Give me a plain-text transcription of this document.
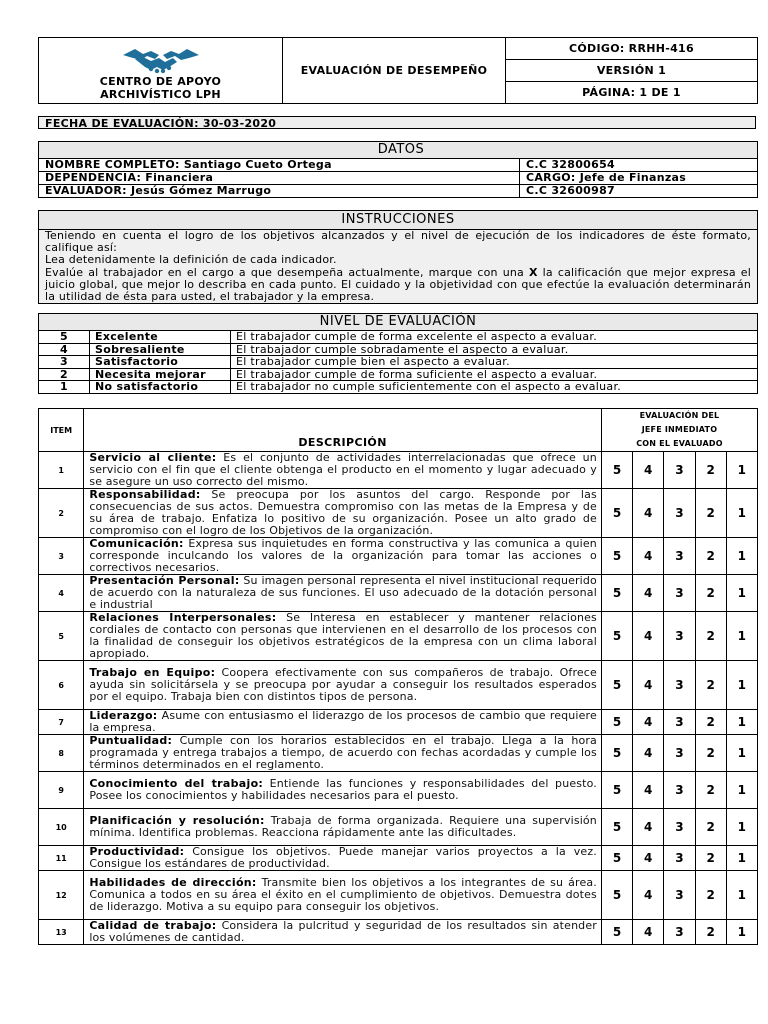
CENTRO DE APOYO
ARCHIVÍSTICO LPH
	EVALUACIÓN DE DESEMPEÑO	CÓDIGO: RRHH-416
VERSIÓN 1
PÁGINA: 1 DE 1
FECHA DE EVALUACIÓN: 30-03-2020
DATOS	
NOMBRE COMPLETO: Santiago Cueto Ortega	C.C 32800654
DEPENDENCIA: Financiera	CARGO: Jefe de Finanzas
EVALUADOR: Jesús Gómez Marrugo	C.C 32600987
INSTRUCCIONES

Teniendo en cuenta el logro de los objetivos alcanzados y el nivel de ejecución de los indicadores de éste formato, califique así:

Lea detenidamente la definición de cada indicador.

Evalúe al trabajador en el cargo a que desempeña actualmente, marque con una X la calificación que mejor expresa el juicio global, que mejor lo describa en cada punto. El cuidado y la objetividad con que efectúe la evaluación determinarán la utilidad de ésta para usted, el trabajador y la empresa.

NIVEL DE EVALUACIÓN		
5	Excelente	El trabajador cumple de forma excelente el aspecto a evaluar.
4	Sobresaliente	El trabajador cumple sobradamente el aspecto a evaluar.
3	Satisfactorio	El trabajador cumple bien el aspecto a evaluar.
2	Necesita mejorar	El trabajador cumple de forma suficiente el aspecto a evaluar.
1	No satisfactorio	El trabajador no cumple suficientemente con el aspecto a evaluar.
ITEM	DESCRIPCIÓN	EVALUACIÓN DEL
JEFE INMEDIATO
CON EL EVALUADO				

1	Servicio al cliente: Es el conjunto de actividades interrelacionadas que ofrece un servicio con el fin que el cliente obtenga el producto en el momento y lugar adecuado y se asegure un uso correcto del mismo.	5	4	3	2	1
2	Responsabilidad: Se preocupa por los asuntos del cargo. Responde por las consecuencias de sus actos. Demuestra compromiso con las metas de la Empresa y de su área de trabajo. Enfatiza lo positivo de su organización. Posee un alto grado de compromiso con el logro de los Objetivos de la organización.	5	4	3	2	1
3	Comunicación: Expresa sus inquietudes en forma constructiva y las comunica a quien corresponde inculcando los valores de la organización para tomar las acciones o correctivos necesarios.	5	4	3	2	1
4	Presentación Personal: Su imagen personal representa el nivel institucional requerido de acuerdo con la naturaleza de sus funciones. El uso adecuado de la dotación personal e industrial	5	4	3	2	1
5	Relaciones Interpersonales: Se Interesa en establecer y mantener relaciones cordiales de contacto con personas que intervienen en el desarrollo de los procesos con la finalidad de conseguir los objetivos estratégicos de la empresa con un clima laboral apropiado.	5	4	3	2	1
6	Trabajo en Equipo: Coopera efectivamente con sus compañeros de trabajo. Ofrece ayuda sin solicitársela y se preocupa por ayudar a conseguir los resultados esperados por el equipo. Trabaja bien con distintos tipos de persona.	5	4	3	2	1
7	Liderazgo: Asume con entusiasmo el liderazgo de los procesos de cambio que requiere la empresa.	5	4	3	2	1
8	Puntualidad: Cumple con los horarios establecidos en el trabajo. Llega a la hora programada y entrega trabajos a tiempo, de acuerdo con fechas acordadas y cumple los términos determinados en el reglamento.	5	4	3	2	1
9	Conocimiento del trabajo: Entiende las funciones y responsabilidades del puesto. Posee los conocimientos y habilidades necesarios para el puesto.	5	4	3	2	1
10	Planificación y resolución: Trabaja de forma organizada. Requiere una supervisión mínima. Identifica problemas. Reacciona rápidamente ante las dificultades.	5	4	3	2	1
11	Productividad: Consigue los objetivos. Puede manejar varios proyectos a la vez. Consigue los estándares de productividad.	5	4	3	2	1
12	Habilidades de dirección: Transmite bien los objetivos a los integrantes de su área. Comunica a todos en su área el éxito en el cumplimiento de objetivos. Demuestra dotes de liderazgo. Motiva a su equipo para conseguir los objetivos.	5	4	3	2	1
13	Calidad de trabajo: Considera la pulcritud y seguridad de los resultados sin atender los volúmenes de cantidad.	5	4	3	2	1
